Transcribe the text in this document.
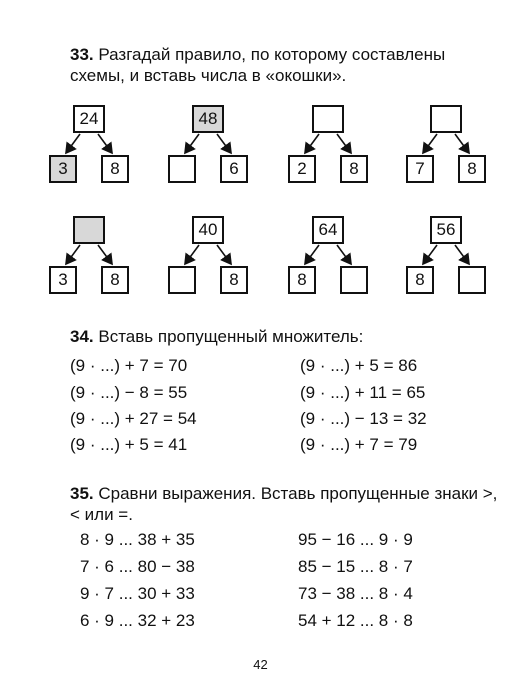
33. Разгадай правило, по которому составлены схемы, и вставь числа в «окошки».
24
3	8
48
6	2	8	7	8
3	8
40
8
64
8
56
8
34. Вставь пропущенный множитель:
(9 · ...) + 7 = 70	(9 · ...) + 5 = 86
(9 · ...) − 8 = 55	(9 · ...) + 11 = 65
(9 · ...) + 27 = 54	(9 · ...) − 13 = 32
(9 · ...) + 5 = 41	(9 · ...) + 7 = 79
35. Сравни выражения. Вставь пропущенные знаки >, < или =.
8 · 9 ... 38 + 35	95 − 16 ... 9 · 9
7 · 6 ... 80 − 38	85 − 15 ... 8 · 7
9 · 7 ... 30 + 33	73 − 38 ... 8 · 4
6 · 9 ... 32 + 23	54 + 12 ... 8 · 8
42
